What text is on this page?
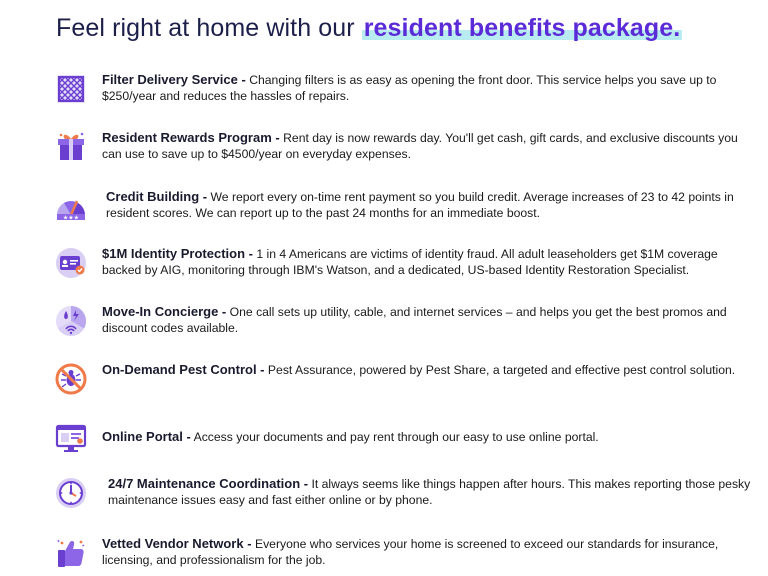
Feel right at home with our resident benefits package.
Filter Delivery Service - Changing filters is as easy as opening the front door. This service helps you save up to $250/year and reduces the hassles of repairs.
Resident Rewards Program - Rent day is now rewards day. You'll get cash, gift cards, and exclusive discounts you can use to save up to $4500/year on everyday expenses.
★★★
Credit Building - We report every on-time rent payment so you build credit. Average increases of 23 to 42 points in resident scores. We can report up to the past 24 months for an immediate boost.
$1M Identity Protection - 1 in 4 Americans are victims of identity fraud. All adult leaseholders get $1M coverage backed by AIG, monitoring through IBM's Watson, and a dedicated, US-based Identity Restoration Specialist.
Move-In Concierge - One call sets up utility, cable, and internet services – and helps you get the best promos and discount codes available.
On-Demand Pest Control - Pest Assurance, powered by Pest Share, a targeted and effective pest control solution.
Online Portal - Access your documents and pay rent through our easy to use online portal.
24/7 Maintenance Coordination - It always seems like things happen after hours. This makes reporting those pesky maintenance issues easy and fast either online or by phone.
Vetted Vendor Network - Everyone who services your home is screened to exceed our standards for insurance, licensing, and professionalism for the job.
